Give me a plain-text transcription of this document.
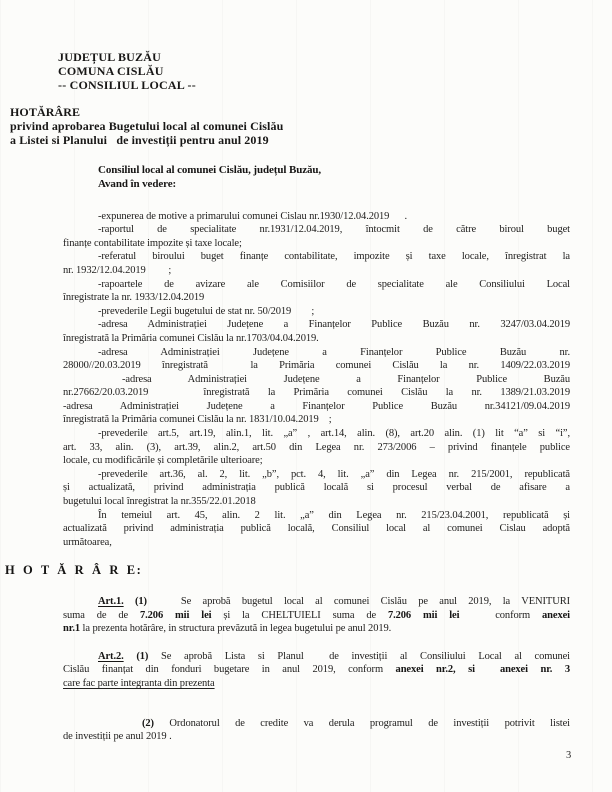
JUDEȚUL BUZĂU
COMUNA CISLĂU
-- CONSILIUL LOCAL --
HOTĂRÂRE
privind aprobarea Bugetului local al comunei Cislău
a Listei si Planului   de investiții pentru anul 2019
Consiliul local al comunei Cislău, județul Buzău,
Avand în vedere:
-expunerea de motive a primarului comunei Cislau nr.1930/12.04.2019      .
-raportul de specialitate nr.1931/12.04.2019, întocmit de către biroul buget
finanțe contabilitate impozite și taxe locale;
-referatul biroului buget finanțe contabilitate, impozite și taxe locale, înregistrat la
nr. 1932/12.04.2019         ;
-rapoartele de avizare ale Comisiilor de specialitate ale Consiliului Local
înregistrate la nr. 1933/12.04.2019
-prevederile Legii bugetului de stat nr. 50/2019        ;
-adresa Administrației Județene a Finanțelor Publice Buzău nr. 3247/03.04.2019
înregistrată la Primăria comunei Cislău la nr.1703/04.04.2019.
-adresa Administrației Județene a Finanțelor Publice Buzău nr.
28000//20.03.2019 înregistrată  la Primăria comunei Cislău la nr. 1409/22.03.2019
-adresa Administrației Județene a Finanțelor Publice Buzău
nr.27662/20.03.2019   înregistrată la Primăria comunei Cislău la nr. 1389/21.03.2019
-adresa Administrației Județene a Finanțelor Publice Buzău nr.34121/09.04.2019
înregistrată la Primăria comunei Cislău la nr. 1831/10.04.2019    ;
-prevederile art.5, art.19, alin.1, lit. „a” , art.14, alin. (8), art.20 alin. (1) lit “a” si “i”,
art. 33, alin. (3), art.39, alin.2, art.50 din Legea nr. 273/2006 – privind finanțele publice
locale, cu modificările și completările ulterioare;
-prevederile art.36, al. 2, lit. „b”, pct. 4, lit. „a” din Legea nr. 215/2001, republicată
și actualizată, privind administrația publică locală si procesul verbal de afisare a
bugetului local înregistrat la nr.355/22.01.2018
În temeiul art. 45, alin. 2 lit. „a” din Legea nr. 215/23.04.2001, republicată și
actualizată privind administrația publică locală, Consiliul local al comunei Cislau adoptă
următoarea,
H O T Ă R Â R E:
Art.1. (1)   Se aprobă bugetul local al comunei Cislău pe anul 2019, la VENITURI
suma de de 7.206 mii lei și la CHELTUIELI suma de 7.206 mii lei   conform anexei
nr.1 la prezenta hotărâre, in structura prevăzută in legea bugetului pe anul 2019.
Art.2. (1) Se aprobă Lista si Planul  de investiții al Consiliului Local al comunei
Cislău finanțat din fonduri bugetare in anul 2019, conform anexei nr.2, si  anexei nr. 3
care fac parte integranta din prezenta
(2) Ordonatorul de credite va derula programul de investiții potrivit listei
de investiții pe anul 2019 .
3
